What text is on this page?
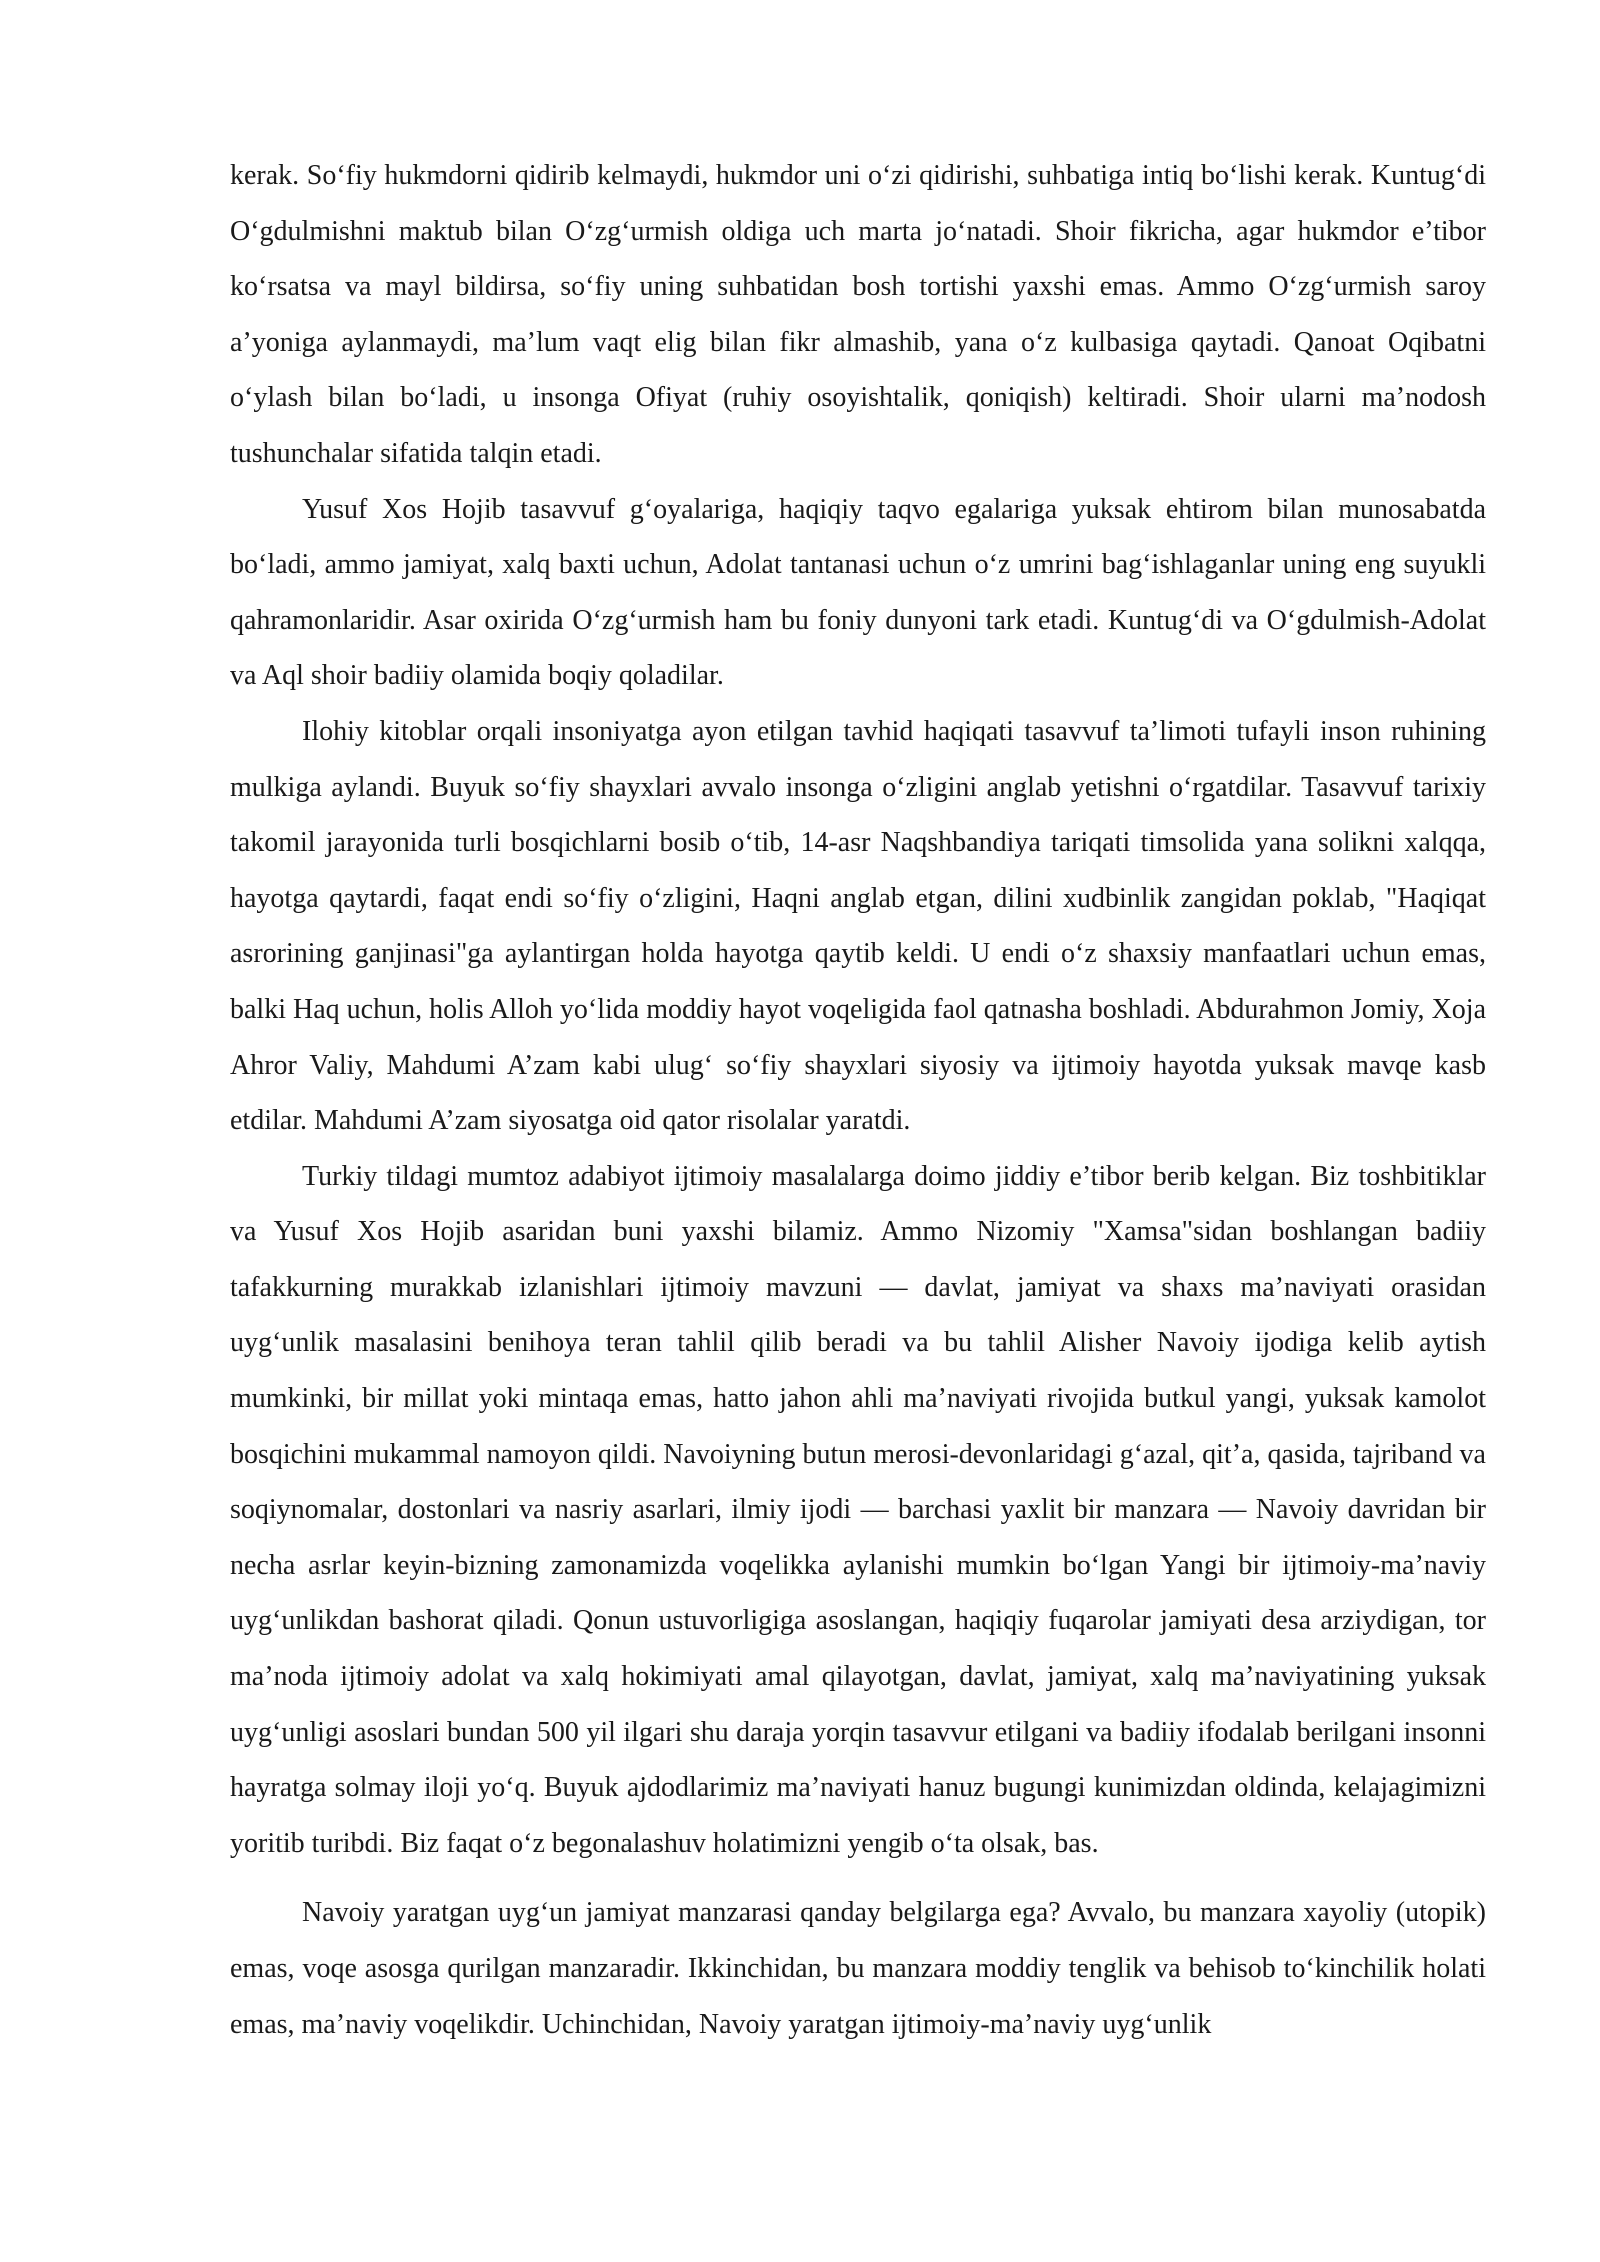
kerak. So‘fiy hukmdorni qidirib kelmaydi, hukmdor uni o‘zi qidirishi, suhbatiga intiq bo‘lishi kerak. Kuntug‘di O‘gdulmishni maktub bilan O‘zg‘urmish oldiga uch marta jo‘natadi. Shoir fikricha, agar hukmdor e’tibor ko‘rsatsa va mayl bildirsa, so‘fiy uning suhbatidan bosh tortishi yaxshi emas. Ammo O‘zg‘urmish saroy a’yoniga aylanmaydi, ma’lum vaqt elig bilan fikr almashib, yana o‘z kulbasiga qaytadi. Qanoat Oqibatni o‘ylash bilan bo‘ladi, u insonga Ofiyat (ruhiy osoyishtalik, qoniqish) keltiradi. Shoir ularni ma’nodosh tushunchalar sifatida talqin etadi.

Yusuf Xos Hojib tasavvuf g‘oyalariga, haqiqiy taqvo egalariga yuksak ehtirom bilan munosabatda bo‘ladi, ammo jamiyat, xalq baxti uchun, Adolat tantanasi uchun o‘z umrini bag‘ishlaganlar uning eng suyukli qahramonlaridir. Asar oxirida O‘zg‘urmish ham bu foniy dunyoni tark etadi. Kuntug‘di va O‘gdulmish-Adolat va Aql shoir badiiy olamida boqiy qoladilar.

Ilohiy kitoblar orqali insoniyatga ayon etilgan tavhid haqiqati tasavvuf ta’limoti tufayli inson ruhining mulkiga aylandi. Buyuk so‘fiy shayxlari avvalo insonga o‘zligini anglab yetishni o‘rgatdilar. Tasavvuf tarixiy takomil jarayonida turli bosqichlarni bosib o‘tib, 14-asr Naqshbandiya tariqati timsolida yana solikni xalqqa, hayotga qaytardi, faqat endi so‘fiy o‘zligini, Haqni anglab etgan, dilini xudbinlik zangidan poklab, "Haqiqat asrorining ganjinasi"ga aylantirgan holda hayotga qaytib keldi. U endi o‘z shaxsiy manfaatlari uchun emas, balki Haq uchun, holis Alloh yo‘lida moddiy hayot voqeligida faol qatnasha boshladi. Abdurahmon Jomiy, Xoja Ahror Valiy, Mahdumi A’zam kabi ulug‘ so‘fiy shayxlari siyosiy va ijtimoiy hayotda yuksak mavqe kasb etdilar. Mahdumi A’zam siyosatga oid qator risolalar yaratdi.

Turkiy tildagi mumtoz adabiyot ijtimoiy masalalarga doimo jiddiy e’tibor berib kelgan. Biz toshbitiklar va Yusuf Xos Hojib asaridan buni yaxshi bilamiz. Ammo Nizomiy "Xamsa"sidan boshlangan badiiy tafakkurning murakkab izlanishlari ijtimoiy mavzuni — davlat, jamiyat va shaxs ma’naviyati orasidan uyg‘unlik masalasini benihoya teran tahlil qilib beradi va bu tahlil Alisher Navoiy ijodiga kelib aytish mumkinki, bir millat yoki mintaqa emas, hatto jahon ahli ma’naviyati rivojida butkul yangi, yuksak kamolot bosqichini mukammal namoyon qildi. Navoiyning butun merosi-devonlaridagi g‘azal, qit’a, qasida, tajriband va soqiynomalar, dostonlari va nasriy asarlari, ilmiy ijodi — barchasi yaxlit bir manzara — Navoiy davridan bir necha asrlar keyin-bizning zamonamizda voqelikka aylanishi mumkin bo‘lgan Yangi bir ijtimoiy-ma’naviy uyg‘unlikdan bashorat qiladi. Qonun ustuvorligiga asoslangan, haqiqiy fuqarolar jamiyati desa arziydigan, tor ma’noda ijtimoiy adolat va xalq hokimiyati amal qilayotgan, davlat, jamiyat, xalq ma’naviyatining yuksak uyg‘unligi asoslari bundan 500 yil ilgari shu daraja yorqin tasavvur etilgani va badiiy ifodalab berilgani insonni hayratga solmay iloji yo‘q. Buyuk ajdodlarimiz ma’naviyati hanuz bugungi kunimizdan oldinda, kelajagimizni yoritib turibdi. Biz faqat o‘z begonalashuv holatimizni yengib o‘ta olsak, bas.

Navoiy yaratgan uyg‘un jamiyat manzarasi qanday belgilarga ega? Avvalo, bu manzara xayoliy (utopik) emas, voqe asosga qurilgan manzaradir. Ikkinchidan, bu manzara moddiy tenglik va behisob to‘kinchilik holati emas, ma’naviy voqelikdir. Uchinchidan, Navoiy yaratgan ijtimoiy-ma’naviy uyg‘unlik
